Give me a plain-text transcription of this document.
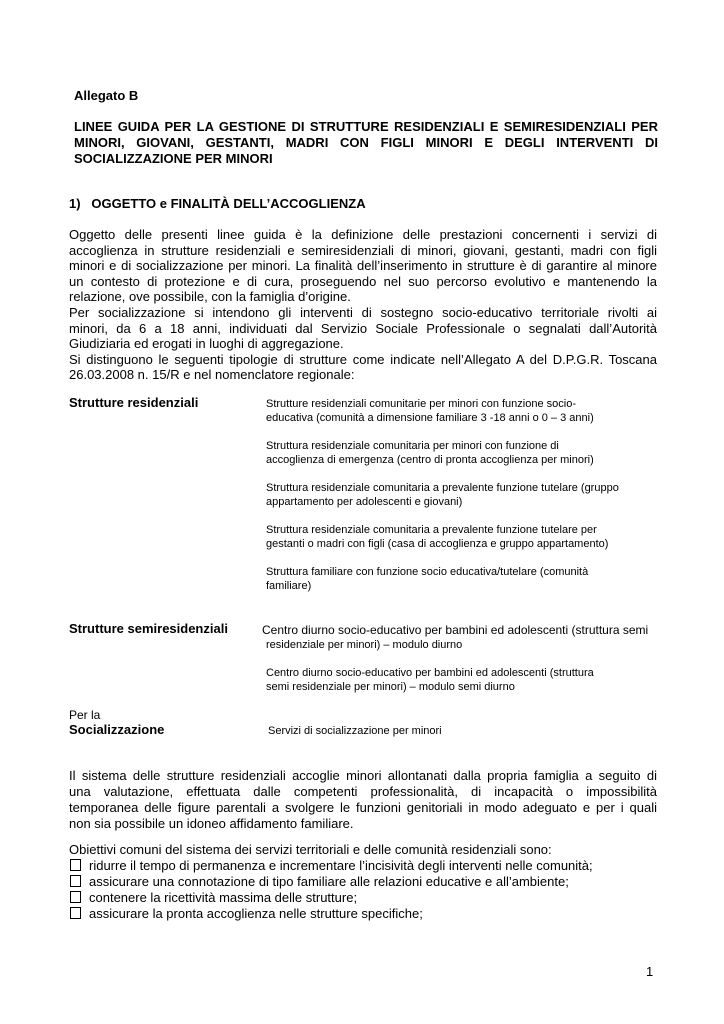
Allegato B
LINEE GUIDA PER LA GESTIONE DI STRUTTURE RESIDENZIALI E SEMIRESIDENZIALI PER
MINORI, GIOVANI, GESTANTI, MADRI CON FIGLI MINORI E DEGLI INTERVENTI DI
SOCIALIZZAZIONE PER MINORI
1)   OGGETTO e FINALITÀ DELL’ACCOGLIENZA
Oggetto delle presenti linee guida è la definizione delle prestazioni concernenti i servizi di
accoglienza in strutture residenziali e semiresidenziali di minori, giovani, gestanti, madri con figli
minori e di socializzazione per minori. La finalità dell’inserimento in strutture è di garantire al minore
un contesto di protezione e di cura, proseguendo nel suo percorso evolutivo e mantenendo la
relazione, ove possibile, con la famiglia d’origine.
Per socializzazione si intendono gli interventi di sostegno socio-educativo territoriale rivolti ai
minori, da 6 a 18 anni, individuati dal Servizio Sociale Professionale o segnalati dall’Autorità
Giudiziaria ed erogati in luoghi di aggregazione.
Si distinguono le seguenti tipologie di strutture come indicate nell’Allegato A del D.P.G.R. Toscana
26.03.2008 n. 15/R e nel nomenclatore regionale:
Strutture residenziali	Strutture residenziali comunitarie per minori con funzione socio-
educativa (comunità a dimensione familiare 3 -18 anni o 0 – 3 anni)
Struttura residenziale comunitaria per minori con funzione di
accoglienza di emergenza (centro di pronta accoglienza per minori)
Struttura residenziale comunitaria a prevalente funzione tutelare (gruppo
appartamento per adolescenti e giovani)
Struttura residenziale comunitaria a prevalente funzione tutelare per
gestanti o madri con figli (casa di accoglienza e gruppo appartamento)
Struttura familiare con funzione socio educativa/tutelare (comunità
familiare)
Strutture semiresidenziali	Centro diurno socio-educativo per bambini ed adolescenti (struttura semi
residenziale per minori) – modulo diurno
Centro diurno socio-educativo per bambini ed adolescenti (struttura
semi residenziale per minori) – modulo semi diurno
Per la
Socializzazione	Servizi di socializzazione per minori
Il sistema delle strutture residenziali accoglie minori allontanati dalla propria famiglia a seguito di
una valutazione, effettuata dalle competenti professionalità, di incapacità o impossibilità
temporanea delle figure parentali a svolgere le funzioni genitoriali in modo adeguato e per i quali
non sia possibile un idoneo affidamento familiare.
Obiettivi comuni del sistema dei servizi territoriali e delle comunità residenziali sono:
ridurre il tempo di permanenza e incrementare l’incisività degli interventi nelle comunità;
assicurare una connotazione di tipo familiare alle relazioni educative e all’ambiente;
contenere la ricettività massima delle strutture;
assicurare la pronta accoglienza nelle strutture specifiche;
1
